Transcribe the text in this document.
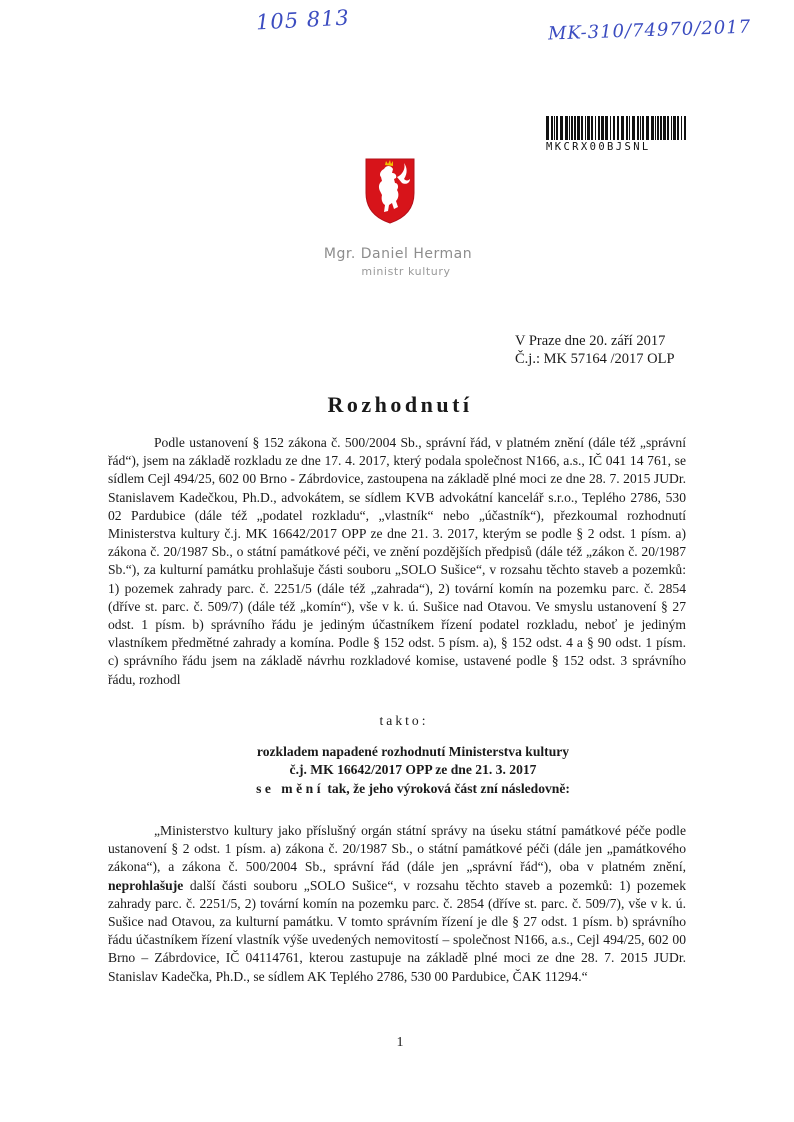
105 813	MK-310/74970/2017
MKCRX00BJSNL
Mgr. Daniel Herman
ministr kultury
V Praze dne 20. září 2017
Č.j.: MK 57164 /2017 OLP
Rozhodnutí

Podle ustanovení § 152 zákona č. 500/2004 Sb., správní řád, v platném znění (dále též „správní řád“), jsem na základě rozkladu ze dne 17. 4. 2017, který podala společnost N166, a.s., IČ 041 14 761, se sídlem Cejl 494/25, 602 00 Brno - Zábrdovice, zastoupena na základě plné moci ze dne 28. 7. 2015 JUDr. Stanislavem Kadečkou, Ph.D., advokátem, se sídlem KVB advokátní kancelář s.r.o., Teplého 2786, 530 02 Pardubice (dále též „podatel rozkladu“, „vlastník“ nebo „účastník“), přezkoumal rozhodnutí Ministerstva kultury č.j. MK 16642/2017 OPP ze dne 21. 3. 2017, kterým se podle § 2 odst. 1 písm. a) zákona č. 20/1987 Sb., o státní památkové péči, ve znění pozdějších předpisů (dále též „zákon č. 20/1987 Sb.“), za kulturní památku prohlašuje části souboru „SOLO Sušice“, v rozsahu těchto staveb a pozemků: 1) pozemek zahrady parc. č. 2251/5 (dále též „zahrada“), 2) tovární komín na pozemku parc. č. 2854 (dříve st. parc. č. 509/7) (dále též „komín“), vše v k. ú. Sušice nad Otavou. Ve smyslu ustanovení § 27 odst. 1 písm. b) správního řádu je jediným účastníkem řízení podatel rozkladu, neboť je jediným vlastníkem předmětné zahrady a komína. Podle § 152 odst. 5 písm. a), § 152 odst. 4 a § 90 odst. 1 písm. c) správního řádu jsem na základě návrhu rozkladové komise, ustavené podle § 152 odst. 3 správního řádu, rozhodl

takto:
rozkladem napadené rozhodnutí Ministerstva kultury
č.j. MK 16642/2017 OPP ze dne 21. 3. 2017
se mění tak, že jeho výroková část zní následovně:

„Ministerstvo kultury jako příslušný orgán státní správy na úseku státní památkové péče podle ustanovení § 2 odst. 1 písm. a) zákona č. 20/1987 Sb., o státní památkové péči (dále jen „památkového zákona“), a zákona č. 500/2004 Sb., správní řád (dále jen „správní řád“), oba v platném znění, neprohlašuje další části souboru „SOLO Sušice“, v rozsahu těchto staveb a pozemků: 1) pozemek zahrady parc. č. 2251/5, 2) tovární komín na pozemku parc. č. 2854 (dříve st. parc. č. 509/7), vše v k. ú. Sušice nad Otavou, za kulturní památku. V tomto správním řízení je dle § 27 odst. 1 písm. b) správního řádu účastníkem řízení vlastník výše uvedených nemovitostí – společnost N166, a.s., Cejl 494/25, 602 00 Brno – Zábrdovice, IČ 04114761, kterou zastupuje na základě plné moci ze dne 28. 7. 2015 JUDr. Stanislav Kadečka, Ph.D., se sídlem AK Teplého 2786, 530 00 Pardubice, ČAK 11294.“

1
